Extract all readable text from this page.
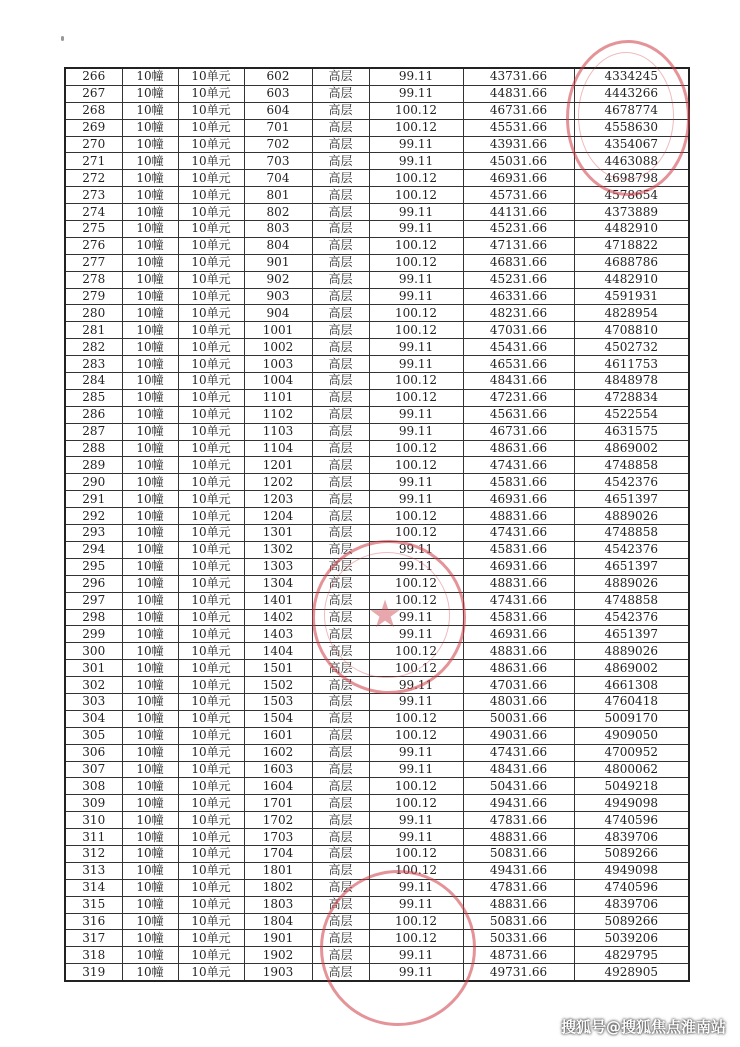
266	10幢	10单元	602	高层	99.11	43731.66	4334245
267	10幢	10单元	603	高层	99.11	44831.66	4443266
268	10幢	10单元	604	高层	100.12	46731.66	4678774
269	10幢	10单元	701	高层	100.12	45531.66	4558630
270	10幢	10单元	702	高层	99.11	43931.66	4354067
271	10幢	10单元	703	高层	99.11	45031.66	4463088
272	10幢	10单元	704	高层	100.12	46931.66	4698798
273	10幢	10单元	801	高层	100.12	45731.66	4578654
274	10幢	10单元	802	高层	99.11	44131.66	4373889
275	10幢	10单元	803	高层	99.11	45231.66	4482910
276	10幢	10单元	804	高层	100.12	47131.66	4718822
277	10幢	10单元	901	高层	100.12	46831.66	4688786
278	10幢	10单元	902	高层	99.11	45231.66	4482910
279	10幢	10单元	903	高层	99.11	46331.66	4591931
280	10幢	10单元	904	高层	100.12	48231.66	4828954
281	10幢	10单元	1001	高层	100.12	47031.66	4708810
282	10幢	10单元	1002	高层	99.11	45431.66	4502732
283	10幢	10单元	1003	高层	99.11	46531.66	4611753
284	10幢	10单元	1004	高层	100.12	48431.66	4848978
285	10幢	10单元	1101	高层	100.12	47231.66	4728834
286	10幢	10单元	1102	高层	99.11	45631.66	4522554
287	10幢	10单元	1103	高层	99.11	46731.66	4631575
288	10幢	10单元	1104	高层	100.12	48631.66	4869002
289	10幢	10单元	1201	高层	100.12	47431.66	4748858
290	10幢	10单元	1202	高层	99.11	45831.66	4542376
291	10幢	10单元	1203	高层	99.11	46931.66	4651397
292	10幢	10单元	1204	高层	100.12	48831.66	4889026
293	10幢	10单元	1301	高层	100.12	47431.66	4748858
294	10幢	10单元	1302	高层	99.11	45831.66	4542376
295	10幢	10单元	1303	高层	99.11	46931.66	4651397
296	10幢	10单元	1304	高层	100.12	48831.66	4889026
297	10幢	10单元	1401	高层	100.12	47431.66	4748858
298	10幢	10单元	1402	高层	99.11	45831.66	4542376
299	10幢	10单元	1403	高层	99.11	46931.66	4651397
300	10幢	10单元	1404	高层	100.12	48831.66	4889026
301	10幢	10单元	1501	高层	100.12	48631.66	4869002
302	10幢	10单元	1502	高层	99.11	47031.66	4661308
303	10幢	10单元	1503	高层	99.11	48031.66	4760418
304	10幢	10单元	1504	高层	100.12	50031.66	5009170
305	10幢	10单元	1601	高层	100.12	49031.66	4909050
306	10幢	10单元	1602	高层	99.11	47431.66	4700952
307	10幢	10单元	1603	高层	99.11	48431.66	4800062
308	10幢	10单元	1604	高层	100.12	50431.66	5049218
309	10幢	10单元	1701	高层	100.12	49431.66	4949098
310	10幢	10单元	1702	高层	99.11	47831.66	4740596
311	10幢	10单元	1703	高层	99.11	48831.66	4839706
312	10幢	10单元	1704	高层	100.12	50831.66	5089266
313	10幢	10单元	1801	高层	100.12	49431.66	4949098
314	10幢	10单元	1802	高层	99.11	47831.66	4740596
315	10幢	10单元	1803	高层	99.11	48831.66	4839706
316	10幢	10单元	1804	高层	100.12	50831.66	5089266
317	10幢	10单元	1901	高层	100.12	50331.66	5039206
318	10幢	10单元	1902	高层	99.11	48731.66	4829795
319	10幢	10单元	1903	高层	99.11	49731.66	4928905
★
搜狐号@搜狐焦点淮南站
